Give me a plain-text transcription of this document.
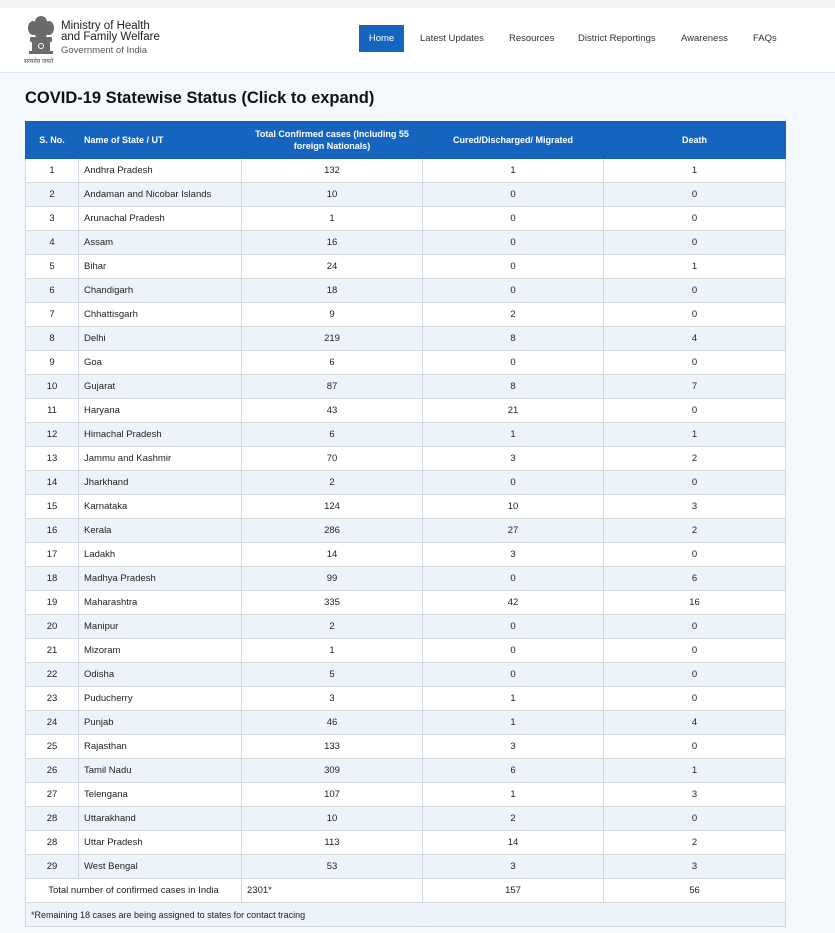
सत्यमेव जयते
Ministry of Health
and Family Welfare
Government of India
Home	Latest Updates	Resources District Reportings	Awareness	FAQs
COVID-19 Statewise Status (Click to expand)
S. No.	Name of State / UT	Total Confirmed cases (Including 55 foreign Nationals)	Cured/Discharged/ Migrated	Death
1	Andhra Pradesh	132	1	1
2	Andaman and Nicobar Islands	10	0	0
3	Arunachal Pradesh	1	0	0
4	Assam	16	0	0
5	Bihar	24	0	1
6	Chandigarh	18	0	0
7	Chhattisgarh	9	2	0
8	Delhi	219	8	4
9	Goa	6	0	0
10	Gujarat	87	8	7
11	Haryana	43	21	0
12	Himachal Pradesh	6	1	1
13	Jammu and Kashmir	70	3	2
14	Jharkhand	2	0	0
15	Karnataka	124	10	3
16	Kerala	286	27	2
17	Ladakh	14	3	0
18	Madhya Pradesh	99	0	6
19	Maharashtra	335	42	16
20	Manipur	2	0	0
21	Mizoram	1	0	0
22	Odisha	5	0	0
23	Puducherry	3	1	0
24	Punjab	46	1	4
25	Rajasthan	133	3	0
26	Tamil Nadu	309	6	1
27	Telengana	107	1	3
28	Uttarakhand	10	2	0
28	Uttar Pradesh	113	14	2
29	West Bengal	53	3	3
Total number of confirmed cases in India		2301*	157	56
*Remaining 18 cases are being assigned to states for contact tracing				
